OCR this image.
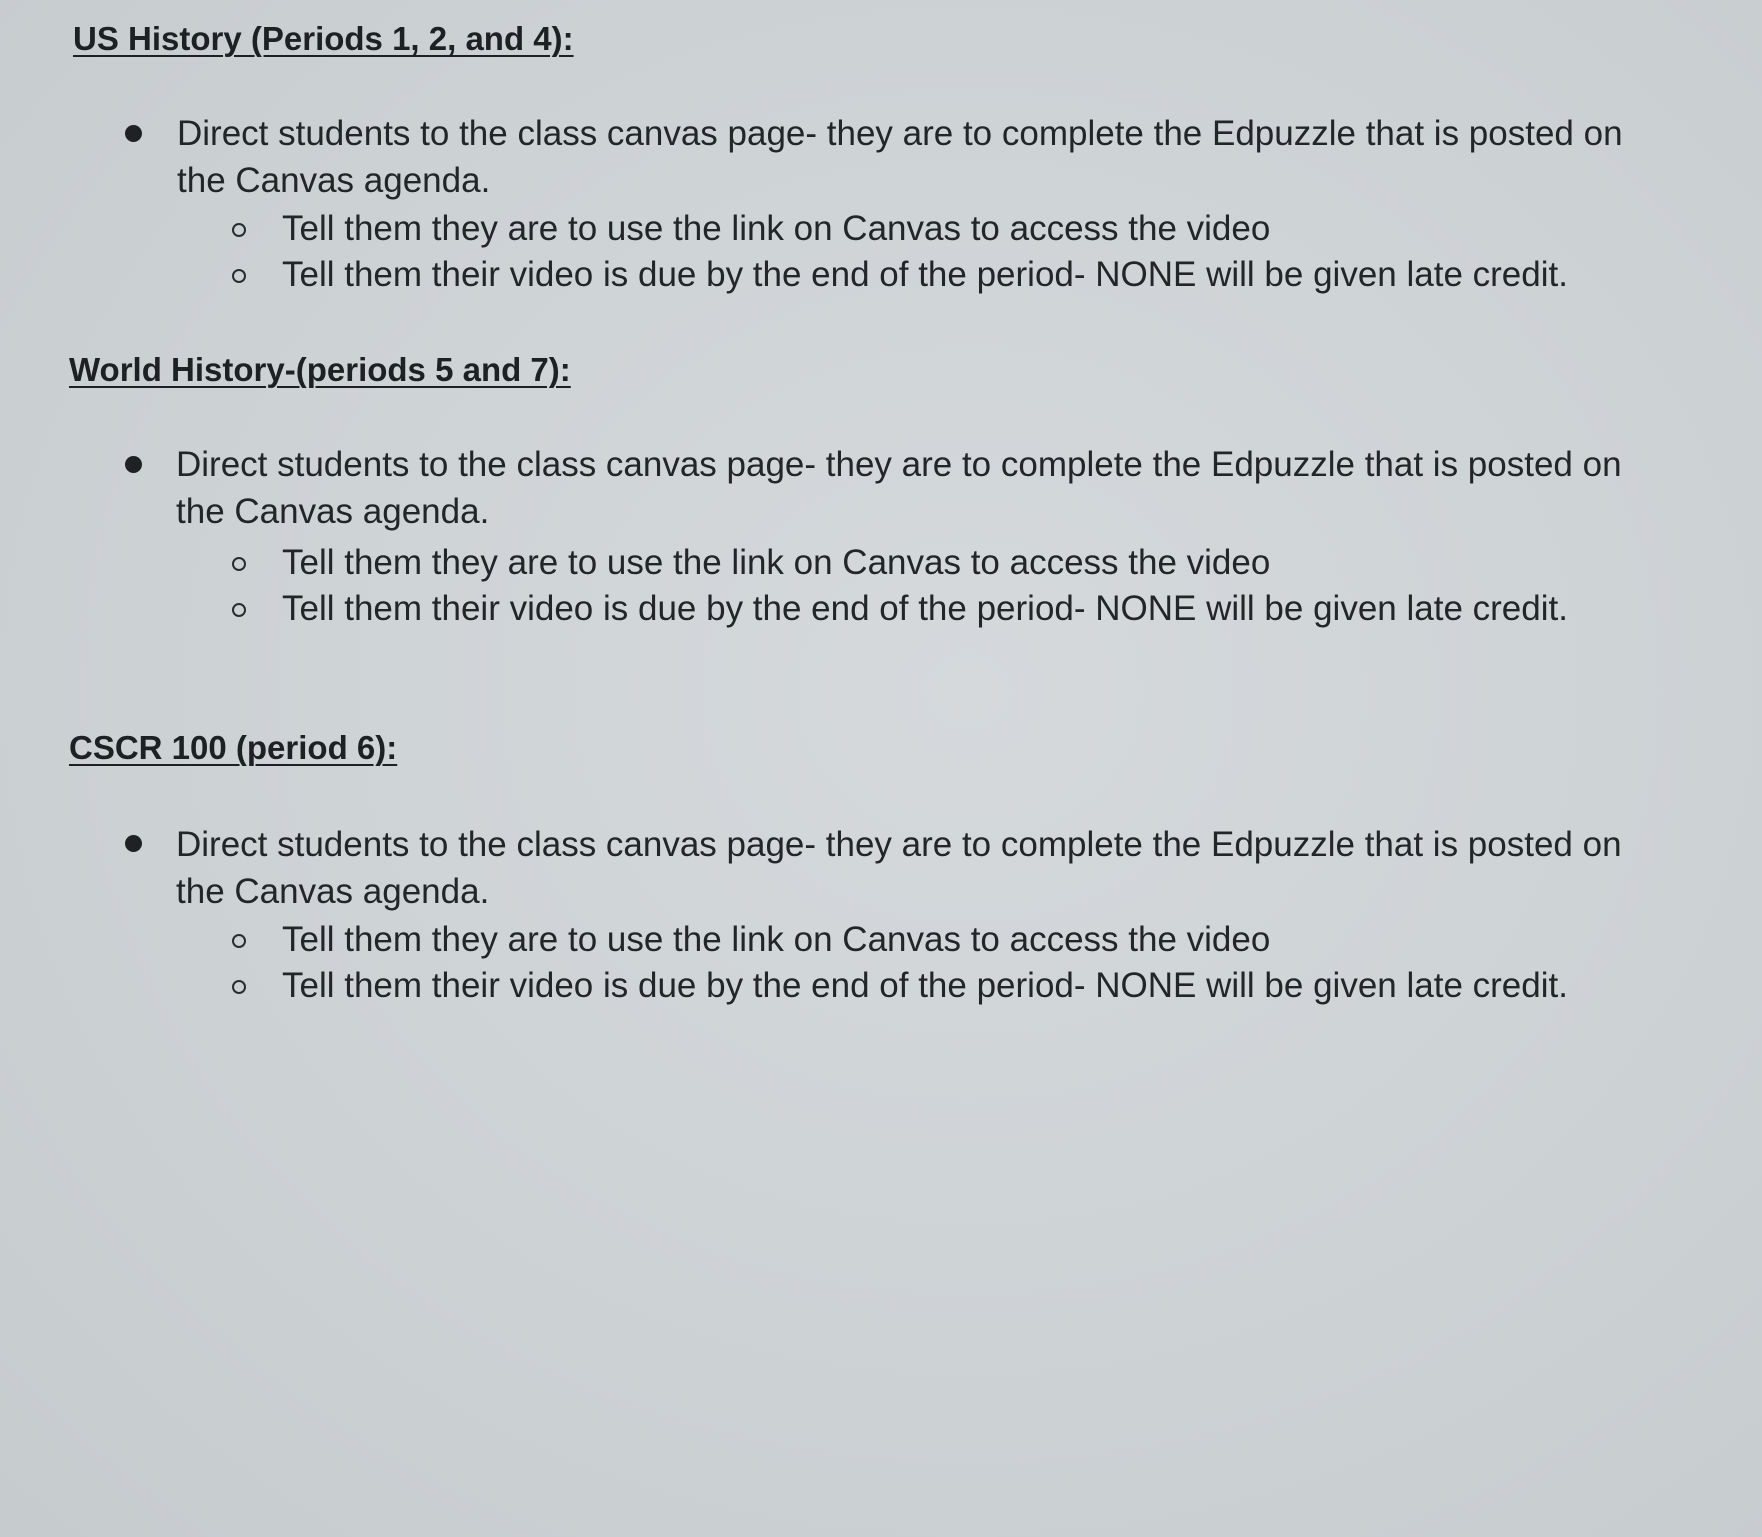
US History (Periods 1, 2, and 4):

Direct students to the class canvas page- they are to complete the Edpuzzle that is posted on the Canvas agenda.

Tell them they are to use the link on Canvas to access the video

Tell them their video is due by the end of the period- NONE will be given late credit.

World History-(periods 5 and 7):

Direct students to the class canvas page- they are to complete the Edpuzzle that is posted on the Canvas agenda.

Tell them they are to use the link on Canvas to access the video

Tell them their video is due by the end of the period- NONE will be given late credit.

CSCR 100 (period 6):

Direct students to the class canvas page- they are to complete the Edpuzzle that is posted on the Canvas agenda.

Tell them they are to use the link on Canvas to access the video

Tell them their video is due by the end of the period- NONE will be given late credit.
